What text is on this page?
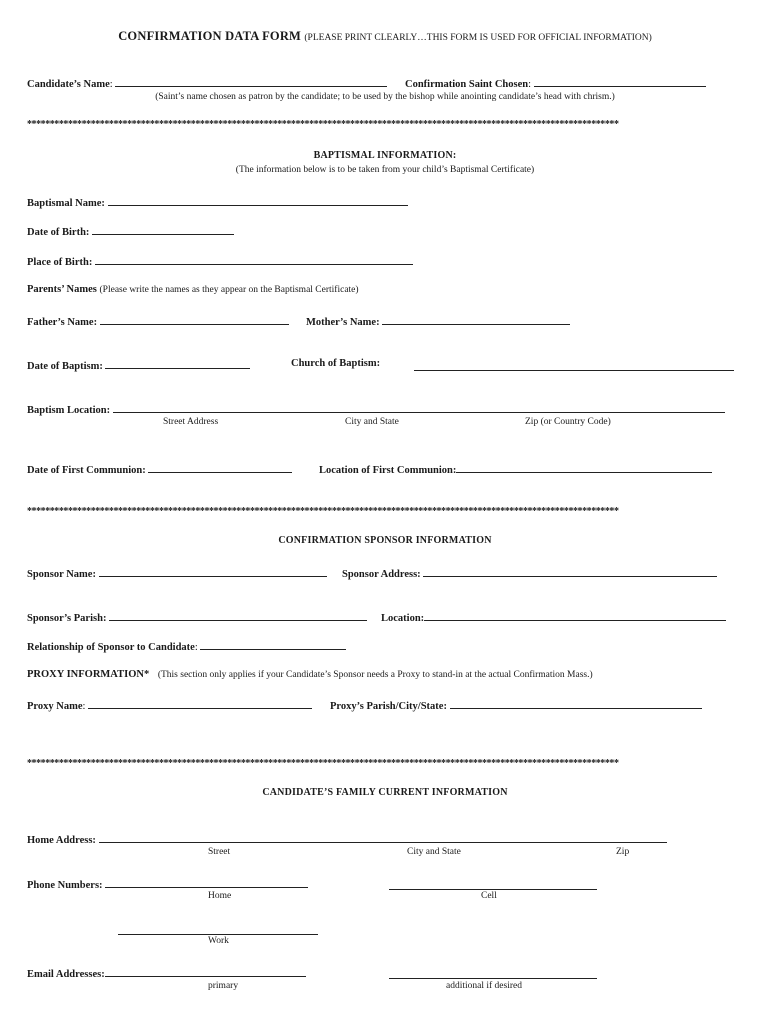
CONFIRMATION DATA FORM (PLEASE PRINT CLEARLY…THIS FORM IS USED FOR OFFICIAL INFORMATION)
Candidate’s Name:	Confirmation Saint Chosen:
(Saint’s name chosen as patron by the candidate; to be used by the bishop while anointing candidate’s head with chrism.)
**********************************************************************************************************************************
BAPTISMAL INFORMATION:
(The information below is to be taken from your child’s Baptismal Certificate)
Baptismal Name:
Date of Birth:
Place of Birth:
Parents’ Names (Please write the names as they appear on the Baptismal Certificate)
Father’s Name:	Mother’s Name:
Date of Baptism:	Church of Baptism:
Baptism Location:
Street Address	City and State	Zip (or Country Code)
Date of First Communion:	Location of First Communion:
**********************************************************************************************************************************
CONFIRMATION SPONSOR INFORMATION
Sponsor Name:	Sponsor Address:
Sponsor’s Parish:	Location:
Relationship of Sponsor to Candidate:
PROXY INFORMATION* (This section only applies if your Candidate’s Sponsor needs a Proxy to stand-in at the actual Confirmation Mass.)
Proxy Name:	Proxy’s Parish/City/State:
**********************************************************************************************************************************
CANDIDATE’S FAMILY CURRENT INFORMATION
Home Address:
Street	City and State	Zip
Phone Numbers:
Home	Cell
Work
Email Addresses:
primary	additional if desired
